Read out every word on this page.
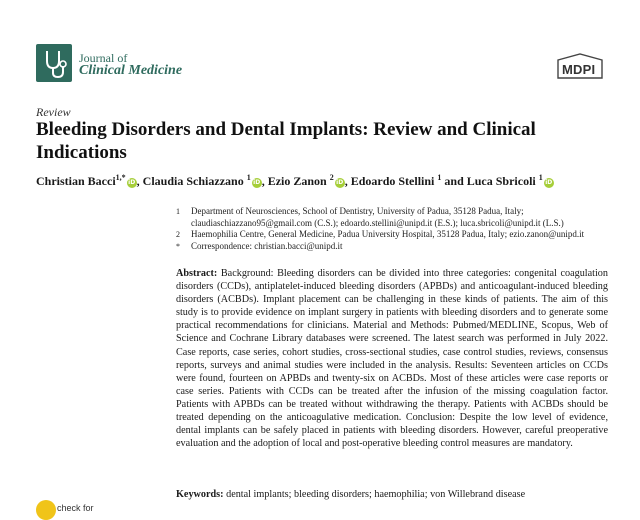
Journal of
Clinical Medicine	MDPI
Review
Bleeding Disorders and Dental Implants: Review and Clinical Indications
Christian Bacci$^{1,*}$iD, Claudia Schiazzano $^1$iD, Ezio Zanon $^2$iD, Edoardo Stellini $^1$ and Luca Sbricoli $^1$iD
1 Department of Neurosciences, School of Dentistry, University of Padua, 35128 Padua, Italy;
claudiaschiazzano95@gmail.com (C.S.); edoardo.stellini@unipd.it (E.S.); luca.sbricoli@unipd.it (L.S.)
2 Haemophilia Centre, General Medicine, Padua University Hospital, 35128 Padua, Italy; ezio.zanon@unipd.it
* Correspondence: christian.bacci@unipd.it
Abstract: Background: Bleeding disorders can be divided into three categories: congenital coagulation disorders (CCDs), antiplatelet-induced bleeding disorders (APBDs) and anticoagulant-induced bleeding disorders (ACBDs). Implant placement can be challenging in these kinds of patients. The aim of this study is to provide evidence on implant surgery in patients with bleeding disorders and to generate some practical recommendations for clinicians. Material and Methods: Pubmed/MEDLINE, Scopus, Web of Science and Cochrane Library databases were screened. The latest search was performed in July 2022. Case reports, case series, cohort studies, cross-sectional studies, case control studies, reviews, consensus reports, surveys and animal studies were included in the analysis. Results: Seventeen articles on CCDs were found, fourteen on APBDs and twenty-six on ACBDs. Most of these articles were case reports or case series. Patients with CCDs can be treated after the infusion of the missing coagulation factor. Patients with APBDs can be treated without withdrawing the therapy. Patients with ACBDs should be treated depending on the anticoagulative medication. Conclusion: Despite the low level of evidence, dental implants can be safely placed in patients with bleeding disorders. However, careful preoperative evaluation and the adoption of local and post-operative bleeding control measures are mandatory.
Keywords: dental implants; bleeding disorders; haemophilia; von Willebrand disease
check for
